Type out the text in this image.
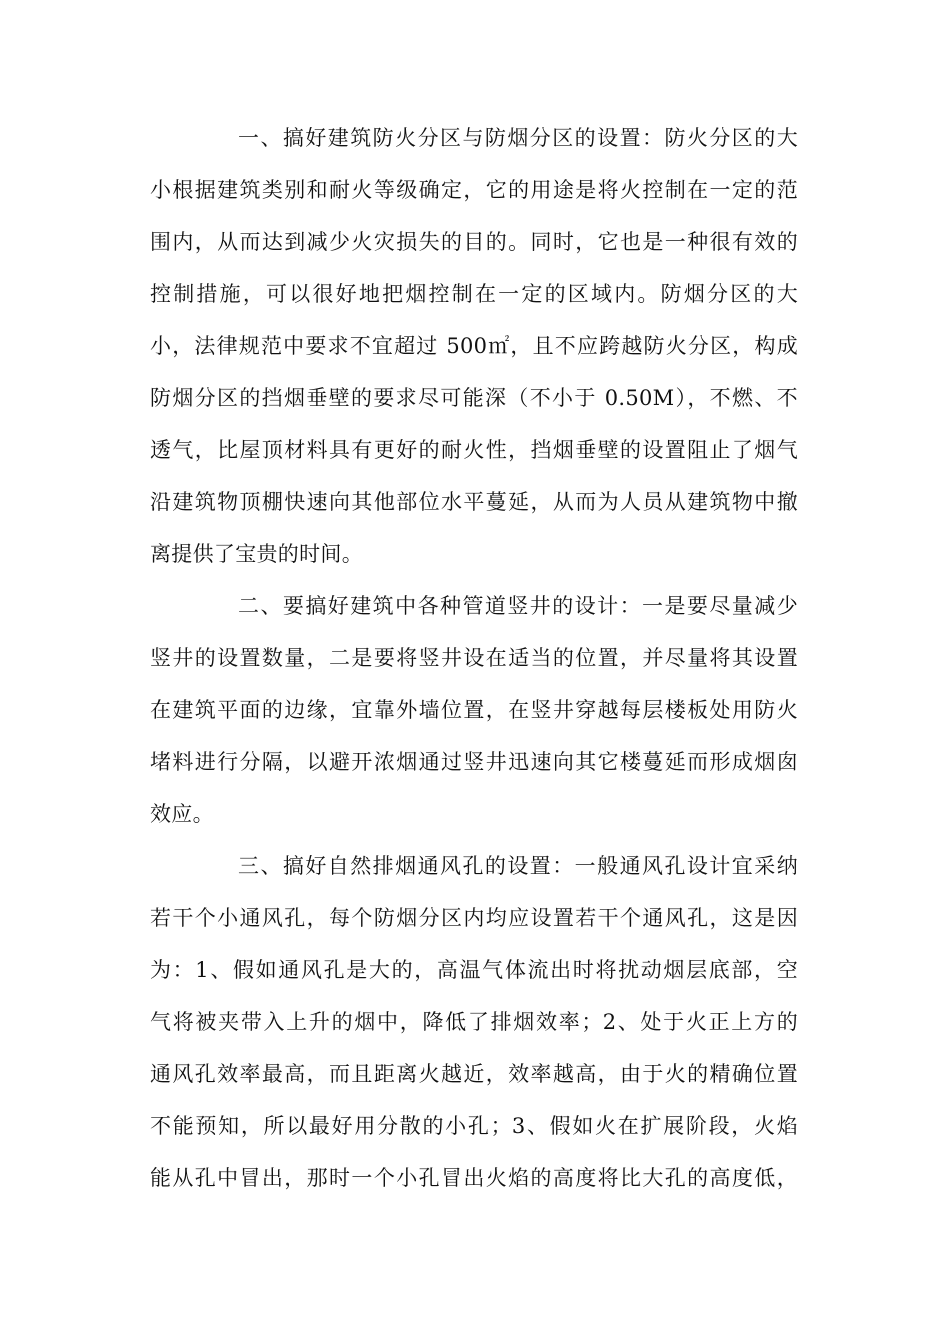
一、搞好建筑防火分区与防烟分区的设置：防火分区的大
小根据建筑类别和耐火等级确定，它的用途是将火控制在一定的范
围内，从而达到减少火灾损失的目的。同时，它也是一种很有效的
控制措施，可以很好地把烟控制在一定的区域内。防烟分区的大
小，法律规范中要求不宜超过 500㎡，且不应跨越防火分区，构成
防烟分区的挡烟垂壁的要求尽可能深（不小于 0.50M），不燃、不
透气，比屋顶材料具有更好的耐火性，挡烟垂壁的设置阻止了烟气
沿建筑物顶棚快速向其他部位水平蔓延，从而为人员从建筑物中撤
离提供了宝贵的时间。
二、要搞好建筑中各种管道竖井的设计：一是要尽量减少
竖井的设置数量，二是要将竖井设在适当的位置，并尽量将其设置
在建筑平面的边缘，宜靠外墙位置，在竖井穿越每层楼板处用防火
堵料进行分隔，以避开浓烟通过竖井迅速向其它楼蔓延而形成烟囱
效应。
三、搞好自然排烟通风孔的设置：一般通风孔设计宜采纳
若干个小通风孔，每个防烟分区内均应设置若干个通风孔，这是因
为：1、假如通风孔是大的，高温气体流出时将扰动烟层底部，空
气将被夹带入上升的烟中，降低了排烟效率；2、处于火正上方的
通风孔效率最高，而且距离火越近，效率越高，由于火的精确位置
不能预知，所以最好用分散的小孔；3、假如火在扩展阶段，火焰
能从孔中冒出，那时一个小孔冒出火焰的高度将比大孔的高度低，
